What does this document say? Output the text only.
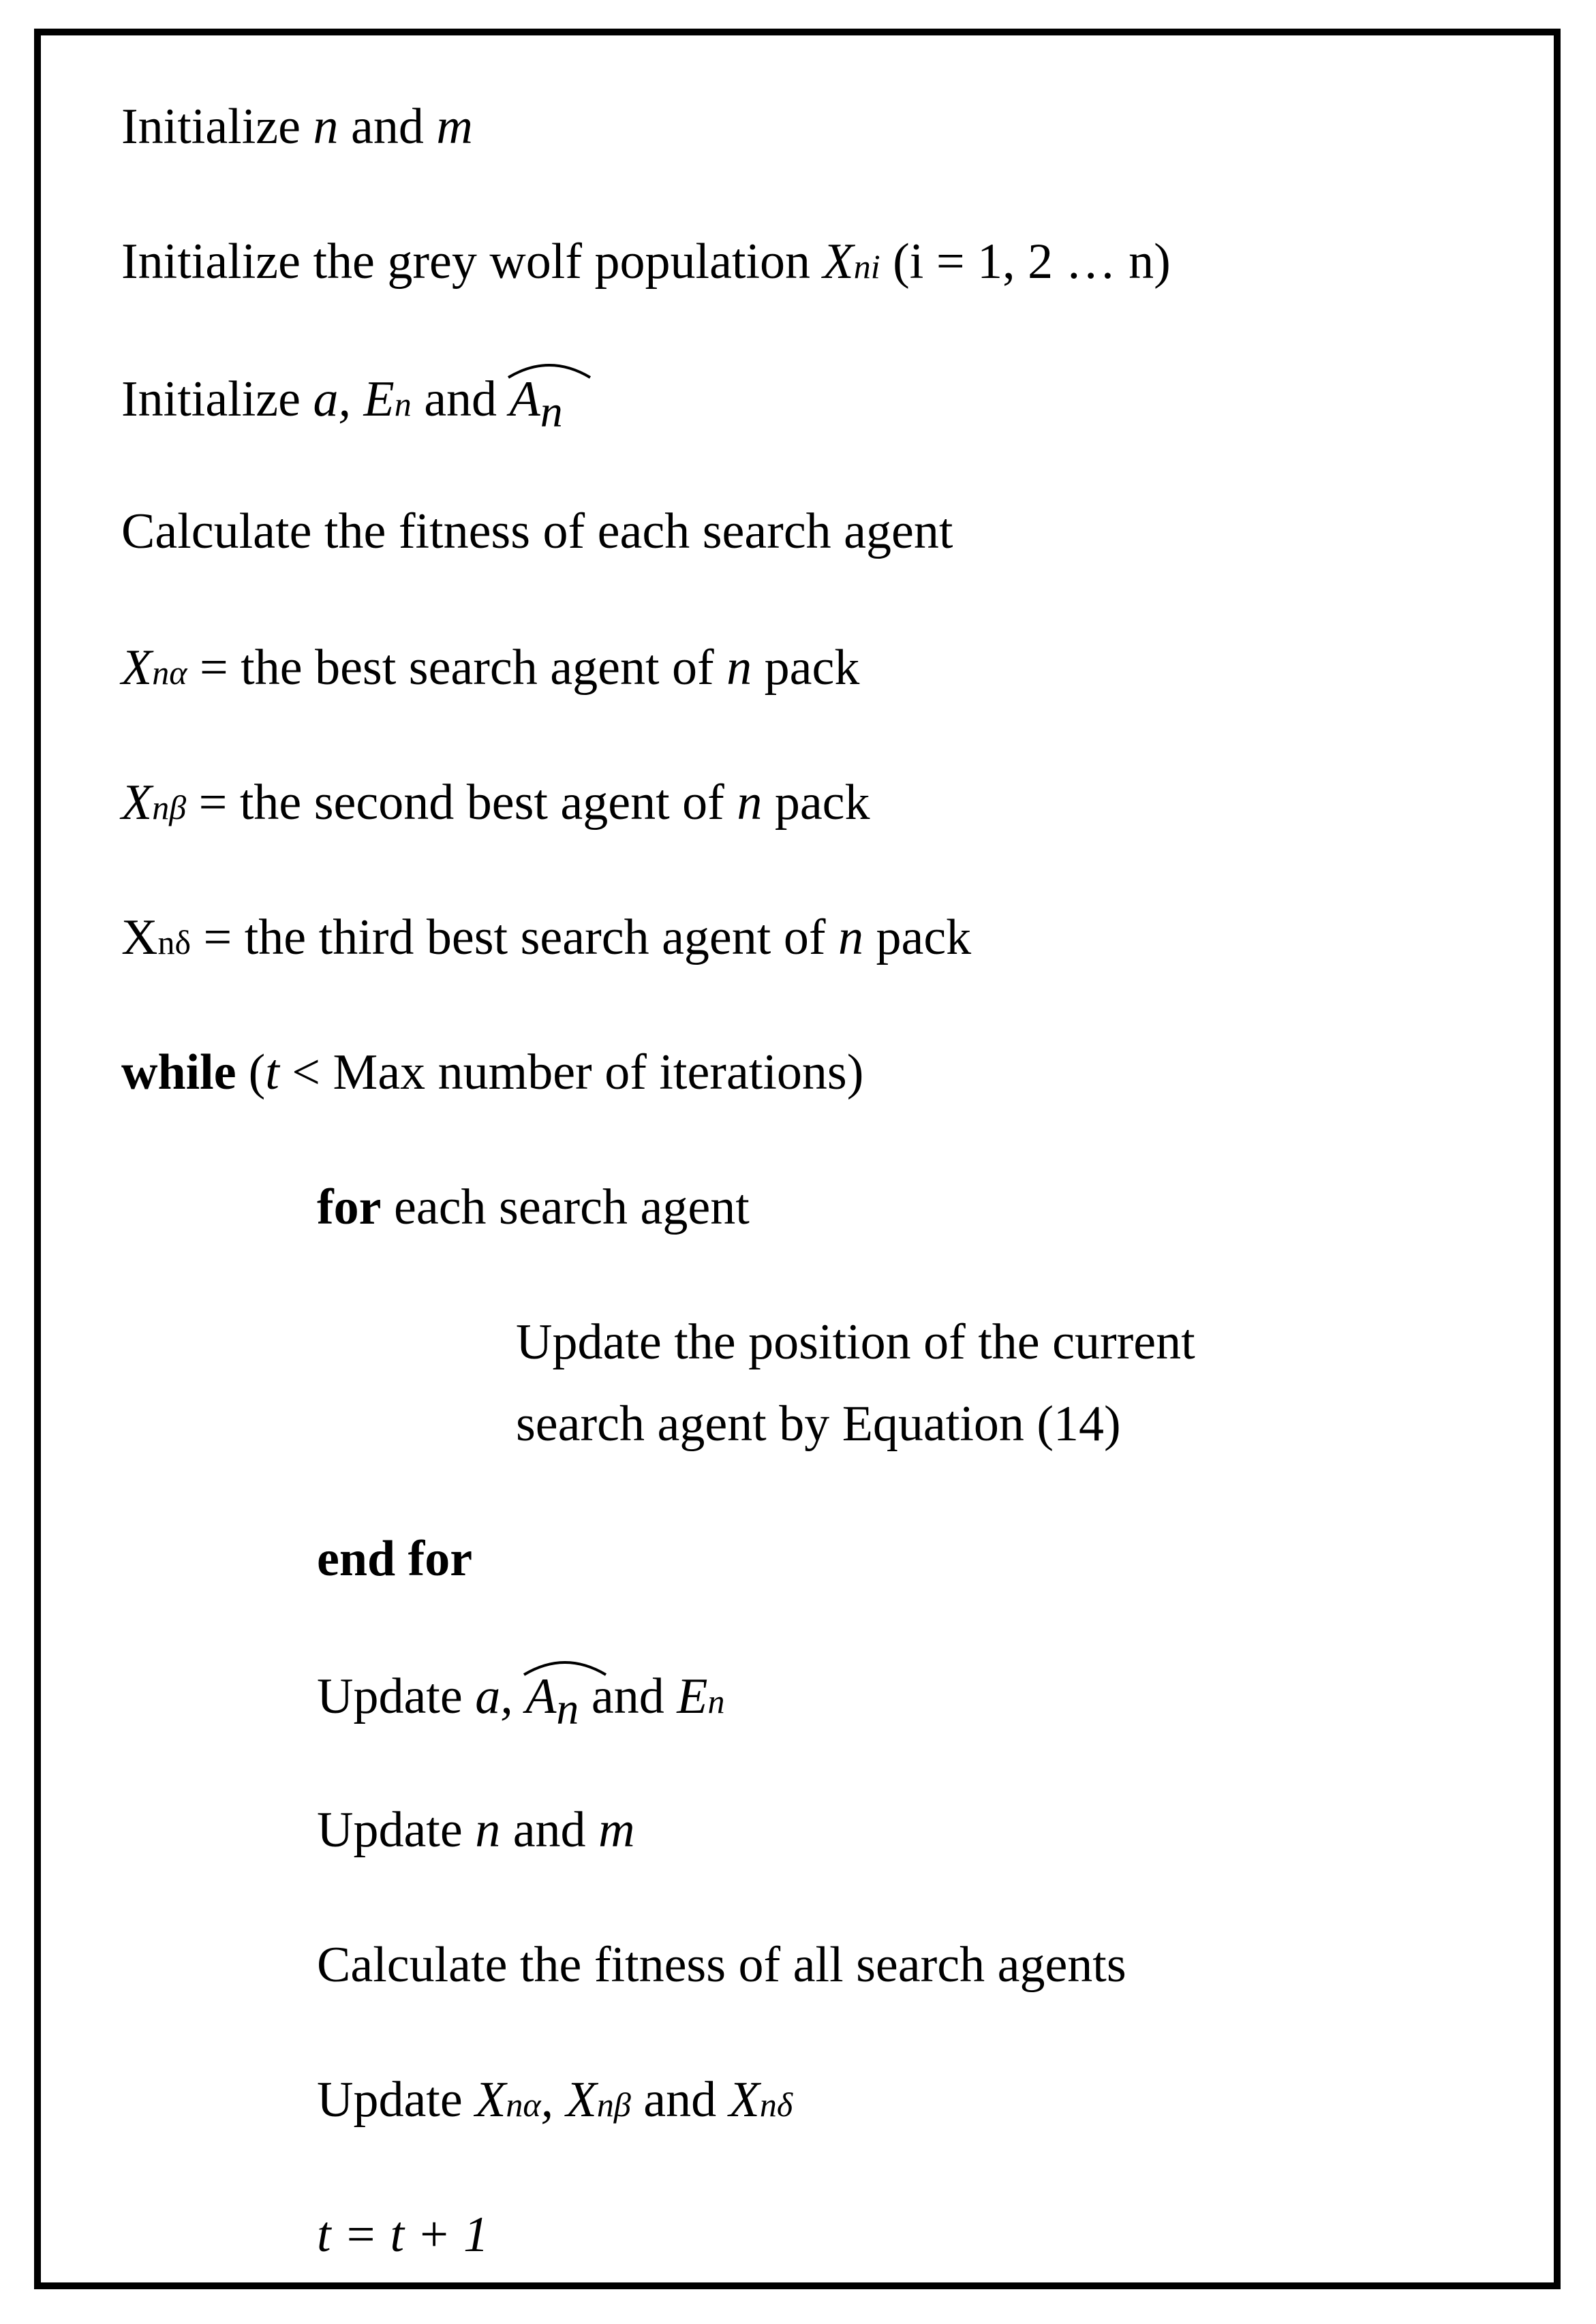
Initialize n and m
Initialize the grey wolf population Xni (i = 1, 2 … n)
Initialize a, En and
An
Calculate the fitness of each search agent
Xnα = the best search agent of n pack
Xnβ = the second best agent of n pack
Xnδ = the third best search agent of n pack
while (t < Max number of iterations)
for each search agent
Update the position of the current
search agent by Equation (14)
end for
Update a,
An and En
Update n and m
Calculate the fitness of all search agents
Update Xnα, Xnβ and Xnδ
t = t + 1
